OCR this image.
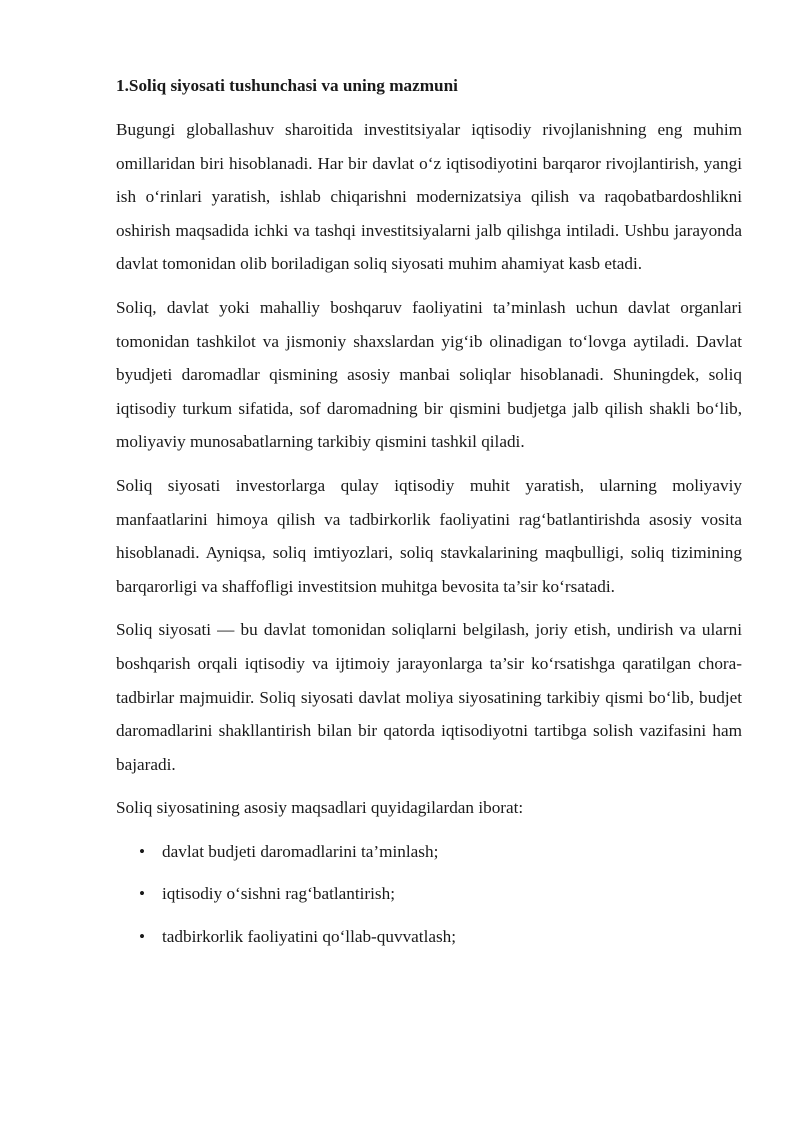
1.Soliq siyosati tushunchasi va uning mazmuni

Bugungi globallashuv sharoitida investitsiyalar iqtisodiy rivojlanishning eng muhim omillaridan biri hisoblanadi. Har bir davlat o‘z iqtisodiyotini barqaror rivojlantirish, yangi ish o‘rinlari yaratish, ishlab chiqarishni modernizatsiya qilish va raqobatbardoshlikni oshirish maqsadida ichki va tashqi investitsiyalarni jalb qilishga intiladi. Ushbu jarayonda davlat tomonidan olib boriladigan soliq siyosati muhim ahamiyat kasb etadi.

Soliq, davlat yoki mahalliy boshqaruv faoliyatini ta’minlash uchun davlat organlari tomonidan tashkilot va jismoniy shaxslardan yig‘ib olinadigan to‘lovga aytiladi. Davlat byudjeti daromadlar qismining asosiy manbai soliqlar hisoblanadi. Shuningdek, soliq iqtisodiy turkum sifatida, sof daromadning bir qismini budjetga jalb qilish shakli bo‘lib, moliyaviy munosabatlarning tarkibiy qismini tashkil qiladi.

Soliq siyosati investorlarga qulay iqtisodiy muhit yaratish, ularning moliyaviy manfaatlarini himoya qilish va tadbirkorlik faoliyatini rag‘batlantirishda asosiy vosita hisoblanadi. Ayniqsa, soliq imtiyozlari, soliq stavkalarining maqbulligi, soliq tizimining barqarorligi va shaffofligi investitsion muhitga bevosita ta’sir ko‘rsatadi.

Soliq siyosati — bu davlat tomonidan soliqlarni belgilash, joriy etish, undirish va ularni boshqarish orqali iqtisodiy va ijtimoiy jarayonlarga ta’sir ko‘rsatishga qaratilgan chora-tadbirlar majmuidir. Soliq siyosati davlat moliya siyosatining tarkibiy qismi bo‘lib, budjet daromadlarini shakllantirish bilan bir qatorda iqtisodiyotni tartibga solish vazifasini ham bajaradi.

Soliq siyosatining asosiy maqsadlari quyidagilardan iborat:

• davlat budjeti daromadlarini ta’minlash;
• iqtisodiy o‘sishni rag‘batlantirish;
• tadbirkorlik faoliyatini qo‘llab-quvvatlash;
